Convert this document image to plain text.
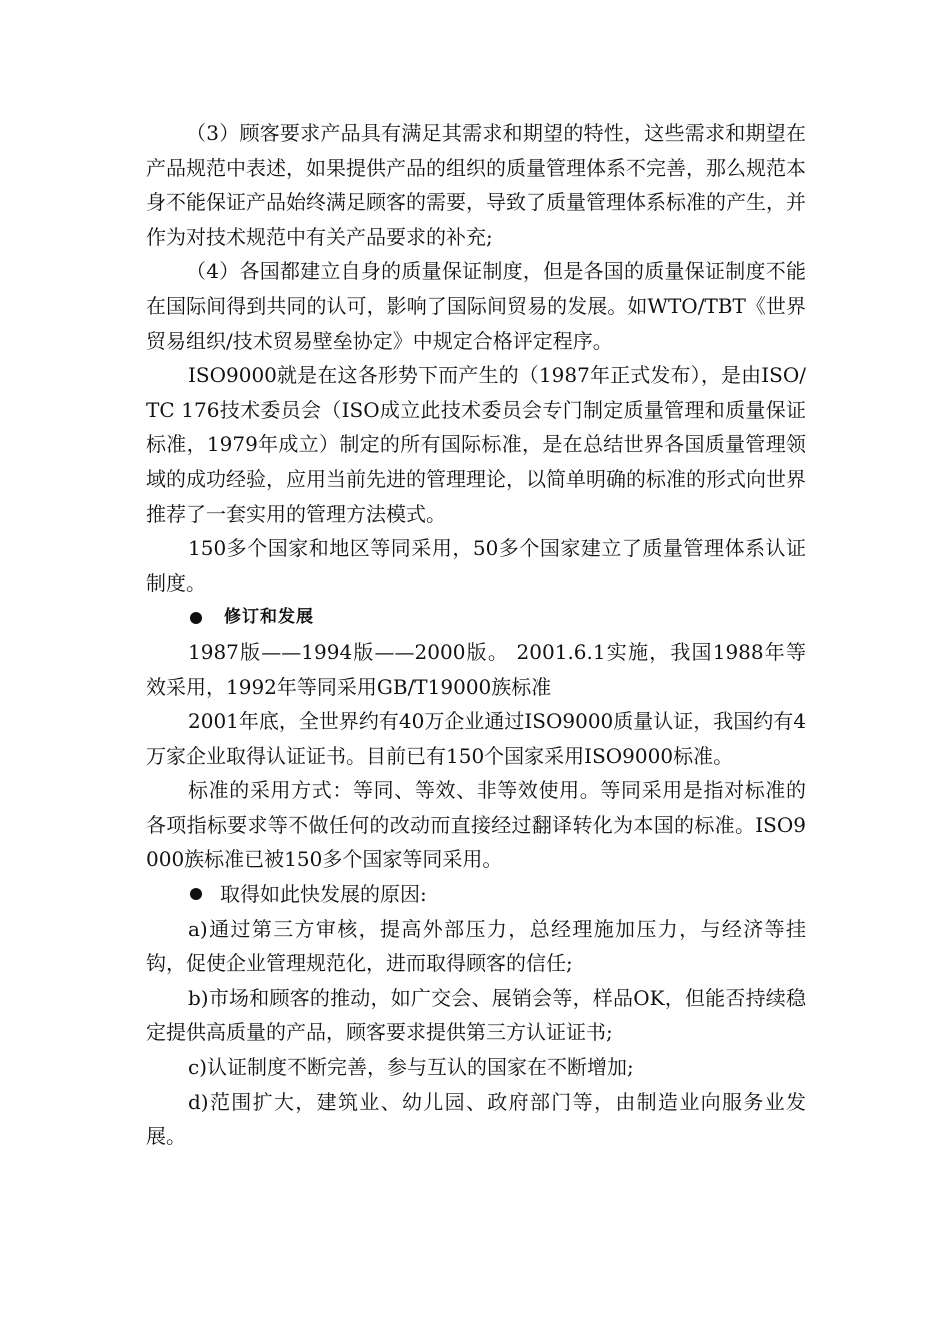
（3）顾客要求产品具有满足其需求和期望的特性，这些需求和期望在产品规范中表述，如果提供产品的组织的质量管理体系不完善，那么规范本身不能保证产品始终满足顾客的需要，导致了质量管理体系标准的产生，并作为对技术规范中有关产品要求的补充;

（4）各国都建立自身的质量保证制度，但是各国的质量保证制度不能在国际间得到共同的认可，影响了国际间贸易的发展。如WTO/TBT《世界贸易组织/技术贸易壁垒协定》中规定合格评定程序。

ISO9000就是在这各形势下而产生的（1987年正式发布），是由ISO/TC 176技术委员会（ISO成立此技术委员会专门制定质量管理和质量保证标准，1979年成立）制定的所有国际标准，是在总结世界各国质量管理领域的成功经验，应用当前先进的管理理论，以简单明确的标准的形式向世界推荐了一套实用的管理方法模式。

150多个国家和地区等同采用，50多个国家建立了质量管理体系认证制度。

修订和发展

1987版——1994版——2000版。 2001.6.1实施，我国1988年等效采用，1992年等同采用GB/T19000族标准

2001年底，全世界约有40万企业通过ISO9000质量认证，我国约有4万家企业取得认证证书。目前已有150个国家采用ISO9000标准。

标准的采用方式：等同、等效、非等效使用。等同采用是指对标准的各项指标要求等不做任何的改动而直接经过翻译转化为本国的标准。ISO9000族标准已被150多个国家等同采用。

取得如此快发展的原因:

a)通过第三方审核，提高外部压力，总经理施加压力，与经济等挂钩，促使企业管理规范化，进而取得顾客的信任;

b)市场和顾客的推动，如广交会、展销会等，样品OK，但能否持续稳定提供高质量的产品，顾客要求提供第三方认证证书;

c)认证制度不断完善，参与互认的国家在不断增加;

d)范围扩大，建筑业、幼儿园、政府部门等，由制造业向服务业发展。
